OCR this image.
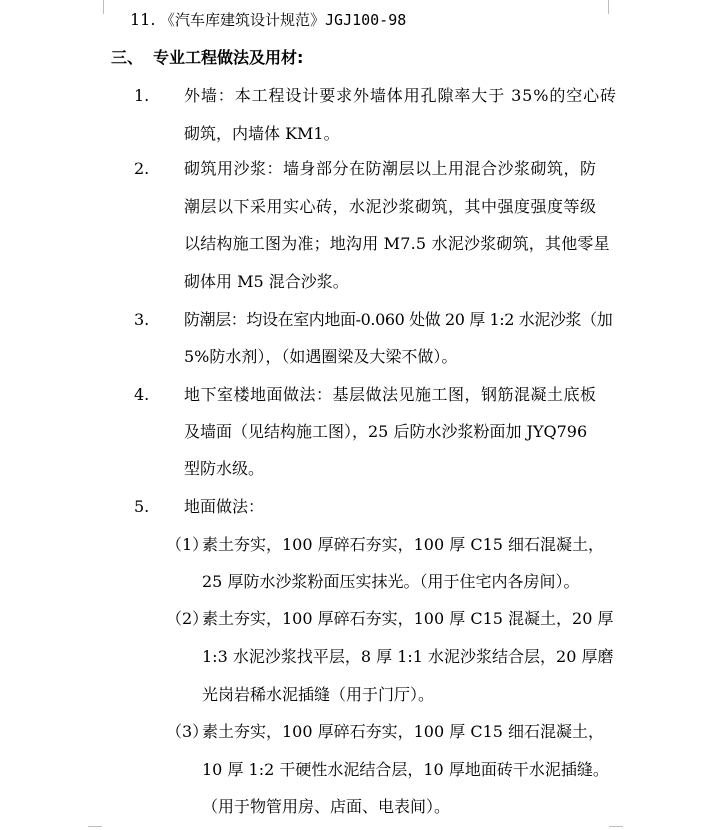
11. 《汽车库建筑设计规范》JGJ100-98
三、 专业工程做法及用材:
1. 外墙：本工程设计要求外墙体用孔隙率大于 35%的空心砖
砌筑，内墙体 KM1。
2. 砌筑用沙浆：墙身部分在防潮层以上用混合沙浆砌筑，防
潮层以下采用实心砖，水泥沙浆砌筑，其中强度强度等级
以结构施工图为准；地沟用 M7.5 水泥沙浆砌筑，其他零星
砌体用 M5 混合沙浆。
3. 防潮层：均设在室内地面-0.060 处做 20 厚 1:2 水泥沙浆（加
5%防水剂），（如遇圈梁及大梁不做）。
4. 地下室楼地面做法：基层做法见施工图，钢筋混凝土底板
及墙面（见结构施工图），25 后防水沙浆粉面加 JYQ796
型防水级。
5. 地面做法：
（1）
素土夯实，100 厚碎石夯实，100 厚 C15 细石混凝土，
25 厚防水沙浆粉面压实抹光。（用于住宅内各房间）。
（2）
素土夯实，100 厚碎石夯实，100 厚 C15 混凝土，20 厚
1:3 水泥沙浆找平层，8 厚 1:1 水泥沙浆结合层，20 厚磨
光岗岩稀水泥插缝（用于门厅）。
（3）
素土夯实，100 厚碎石夯实，100 厚 C15 细石混凝土，
10 厚 1:2 干硬性水泥结合层，10 厚地面砖干水泥插缝。
（用于物管用房、店面、电表间）。
